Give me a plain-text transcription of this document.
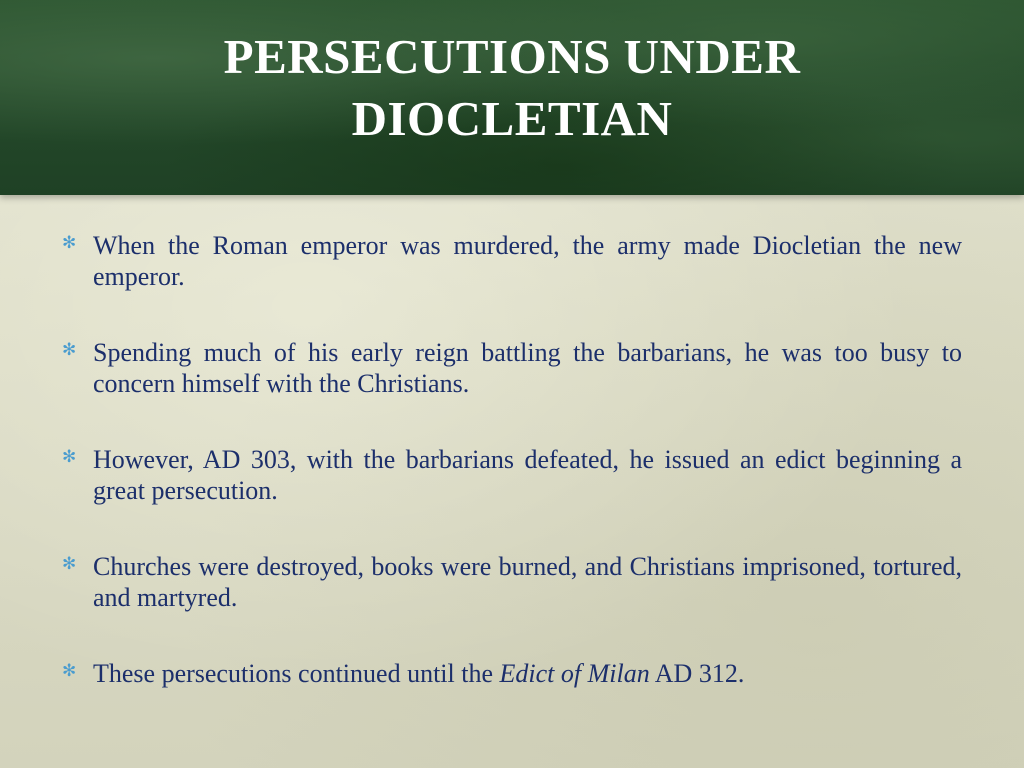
PERSECUTIONS UNDER
DIOCLETIAN
✻ When the Roman emperor was murdered, the army made Diocletian the new emperor.
✻ Spending much of his early reign battling the barbarians, he was too busy to concern himself with the Christians.
✻ However, AD 303, with the barbarians defeated, he issued an edict beginning a great persecution.
✻ Churches were destroyed, books were burned, and Christians imprisoned, tortured, and martyred.
✻ These persecutions continued until the Edict of Milan AD 312.
